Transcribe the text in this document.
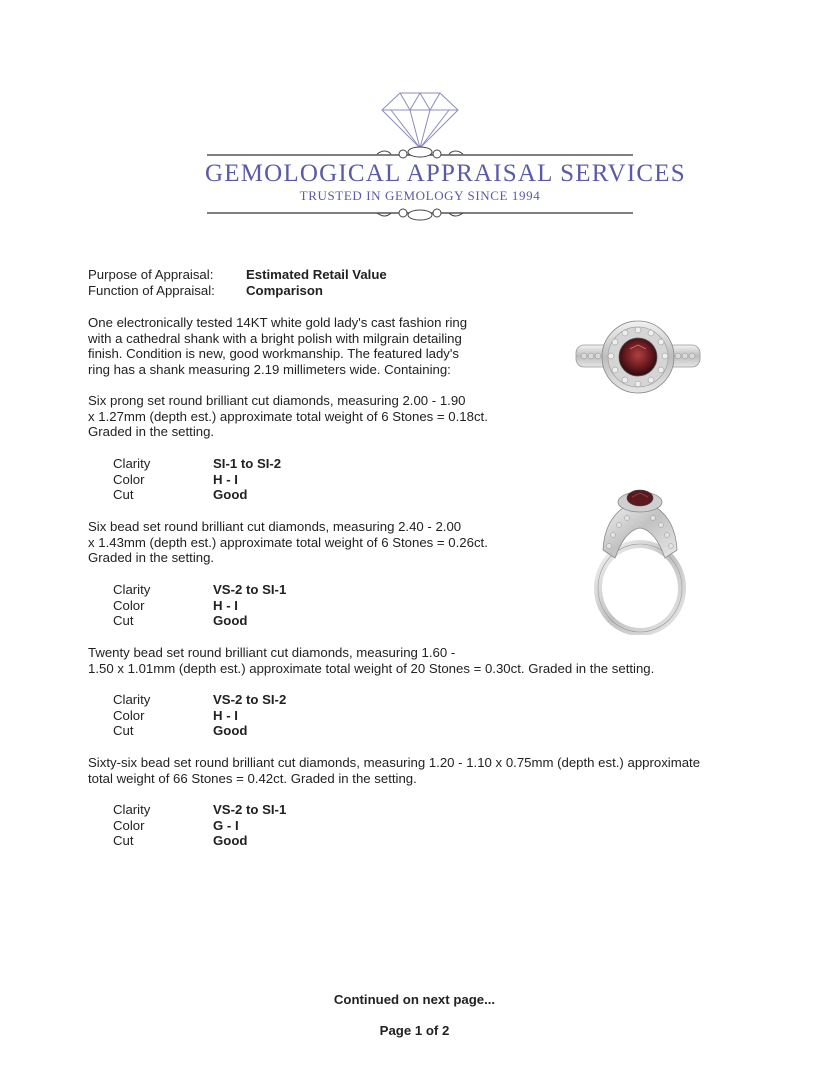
GEMOLOGICAL APPRAISAL SERVICES
TRUSTED IN GEMOLOGY SINCE 1994
Purpose of Appraisal:	Estimated Retail Value
Function of Appraisal:	Comparison
One electronically tested 14KT white gold lady's cast fashion ring
with a cathedral shank with a bright polish with milgrain detailing
finish. Condition is new, good workmanship. The featured lady's
ring has a shank measuring 2.19 millimeters wide. Containing:
Six prong set round brilliant cut diamonds, measuring 2.00 - 1.90
x 1.27mm (depth est.) approximate total weight of 6 Stones = 0.18ct.
Graded in the setting.
Clarity	SI-1 to SI-2
Color	H - I
Cut	Good
Six bead set round brilliant cut diamonds, measuring 2.40 - 2.00
x 1.43mm (depth est.) approximate total weight of 6 Stones = 0.26ct.
Graded in the setting.
Clarity	VS-2 to SI-1
Color	H - I
Cut	Good
Twenty bead set round brilliant cut diamonds, measuring 1.60 -
1.50 x 1.01mm (depth est.) approximate total weight of 20 Stones = 0.30ct. Graded in the setting.
Clarity	VS-2 to SI-2
Color	H - I
Cut	Good
Sixty-six bead set round brilliant cut diamonds, measuring 1.20 - 1.10 x 0.75mm (depth est.) approximate
total weight of 66 Stones = 0.42ct. Graded in the setting.
Clarity	VS-2 to SI-1
Color	G - I
Cut	Good
Continued on next page...
Page 1 of 2
